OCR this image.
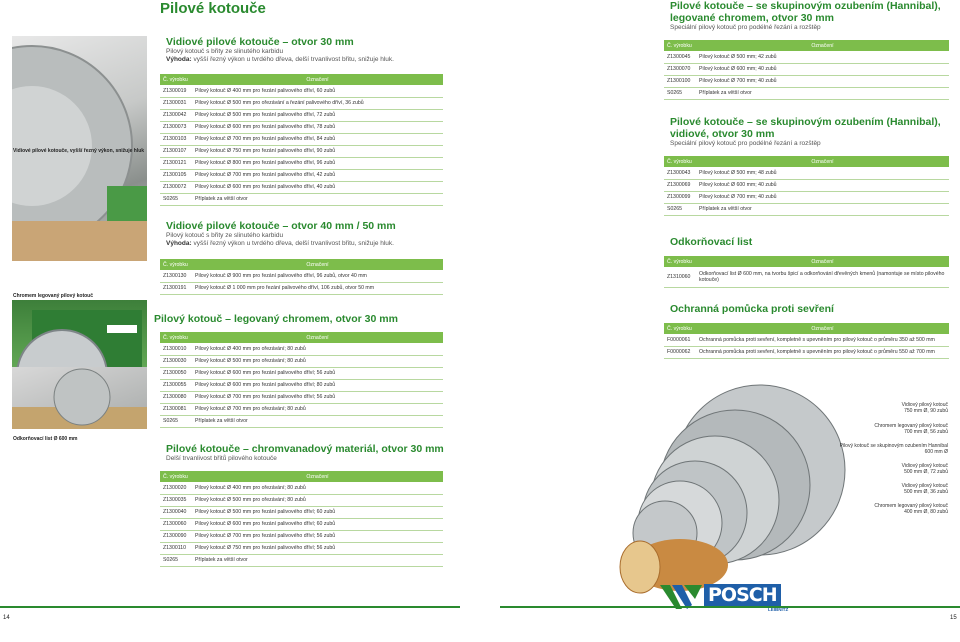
Pilové kotouče
Vidiové pilové kotouče, vyšší řezný výkon, snižuje hluk
Chromem legovaný pilový kotouč
Odkorňovací list Ø 600 mm
Vidiové pilové kotouče – otvor 30 mm
Pilový kotouč s břity ze slinutého karbidu
Výhoda: vyšší řezný výkon u tvrdého dřeva, delší trvanlivost břitu, snižuje hluk.
Č. výrobku	Označení
Z1300019	Pilový kotouč Ø 400 mm pro řezání palivového dříví, 60 zubů
Z1300031	Pilový kotouč Ø 500 mm pro ořezávání a řezání palivového dříví, 36 zubů
Z1300042	Pilový kotouč Ø 500 mm pro řezání palivového dříví, 72 zubů
Z1300073	Pilový kotouč Ø 600 mm pro řezání palivového dříví, 78 zubů
Z1300103	Pilový kotouč Ø 700 mm pro řezání palivového dříví, 84 zubů
Z1300107	Pilový kotouč Ø 750 mm pro řezání palivového dříví, 90 zubů
Z1300121	Pilový kotouč Ø 800 mm pro řezání palivového dříví, 96 zubů
Z1300105	Pilový kotouč Ø 700 mm pro řezání palivového dříví, 42 zubů
Z1300072	Pilový kotouč Ø 600 mm pro řezání palivového dříví, 40 zubů
S0265	Příplatek za větší otvor
Vidiové pilové kotouče – otvor 40 mm / 50 mm
Pilový kotouč s břity ze slinutého karbidu
Výhoda: vyšší řezný výkon u tvrdého dřeva, delší trvanlivost břitu, snižuje hluk.
Č. výrobku	Označení
Z1300130	Pilový kotouč Ø 900 mm pro řezání palivového dříví, 96 zubů, otvor 40 mm
Z1300191	Pilový kotouč Ø 1 000 mm pro řezání palivového dříví, 106 zubů, otvor 50 mm
Pilový kotouč – legovaný chromem, otvor 30 mm
Č. výrobku	Označení
Z1300010	Pilový kotouč Ø 400 mm pro ořezávání; 80 zubů
Z1300030	Pilový kotouč Ø 500 mm pro ořezávání; 80 zubů
Z1300050	Pilový kotouč Ø 600 mm pro řezání palivového dříví; 56 zubů
Z1300055	Pilový kotouč Ø 600 mm pro řezání palivového dříví; 80 zubů
Z1300080	Pilový kotouč Ø 700 mm pro řezání palivového dříví; 56 zubů
Z1300081	Pilový kotouč Ø 700 mm pro ořezávání; 80 zubů
S0265	Příplatek za větší otvor
Pilové kotouče – chromvanadový materiál, otvor 30 mm
Delší trvanlivost břitů pilového kotouče
Č. výrobku	Označení
Z1300020	Pilový kotouč Ø 400 mm pro ořezávání; 80 zubů
Z1300035	Pilový kotouč Ø 500 mm pro ořezávání; 80 zubů
Z1300040	Pilový kotouč Ø 500 mm pro řezání palivového dříví; 60 zubů
Z1300060	Pilový kotouč Ø 600 mm pro řezání palivového dříví; 60 zubů
Z1300090	Pilový kotouč Ø 700 mm pro řezání palivového dříví; 56 zubů
Z1300110	Pilový kotouč Ø 750 mm pro řezání palivového dříví; 56 zubů
S0265	Příplatek za větší otvor
14
Pilové kotouče – se skupinovým ozubením (Hannibal),
legované chromem, otvor 30 mm
Speciální pilový kotouč pro podélné řezání a rozštěp
Č. výrobku	Označení
Z1300045	Pilový kotouč Ø 500 mm; 42 zubů
Z1300070	Pilový kotouč Ø 600 mm; 40 zubů
Z1300100	Pilový kotouč Ø 700 mm; 40 zubů
S0265	Příplatek za větší otvor
Pilové kotouče – se skupinovým ozubením (Hannibal),
vidiové, otvor 30 mm
Speciální pilový kotouč pro podélné řezání a rozštěp
Č. výrobku	Označení
Z1300043	Pilový kotouč Ø 500 mm; 48 zubů
Z1300069	Pilový kotouč Ø 600 mm; 40 zubů
Z1300099	Pilový kotouč Ø 700 mm; 40 zubů
S0265	Příplatek za větší otvor
Odkorňovací list
Č. výrobku	Označení
Z1310060	Odkorňovací list Ø 600 mm, na tvorbu špicí a odkorňování dřevěných kmenů (namontuje se místo pilového kotouče)
Ochranná pomůcka proti sevření
Č. výrobku	Označení
F0000061	Ochranná pomůcka proti sevření, kompletně s upevněním pro pilový kotouč o průměru 350 až 500 mm
F0000062	Ochranná pomůcka proti sevření, kompletně s upevněním pro pilový kotouč o průměru 550 až 700 mm
Vidiový pilový kotouč
750 mm Ø, 90 zubů
Chromem legovaný pilový kotouč
700 mm Ø, 56 zubů
Pilový kotouč se skupinovým ozubením Hannibal
600 mm Ø
Vidiový pilový kotouč
500 mm Ø, 72 zubů
Vidiový pilový kotouč
500 mm Ø, 36 zubů
Chromem legovaný pilový kotouč
400 mm Ø, 80 zubů
POSCH
LEIBNITZ
15
